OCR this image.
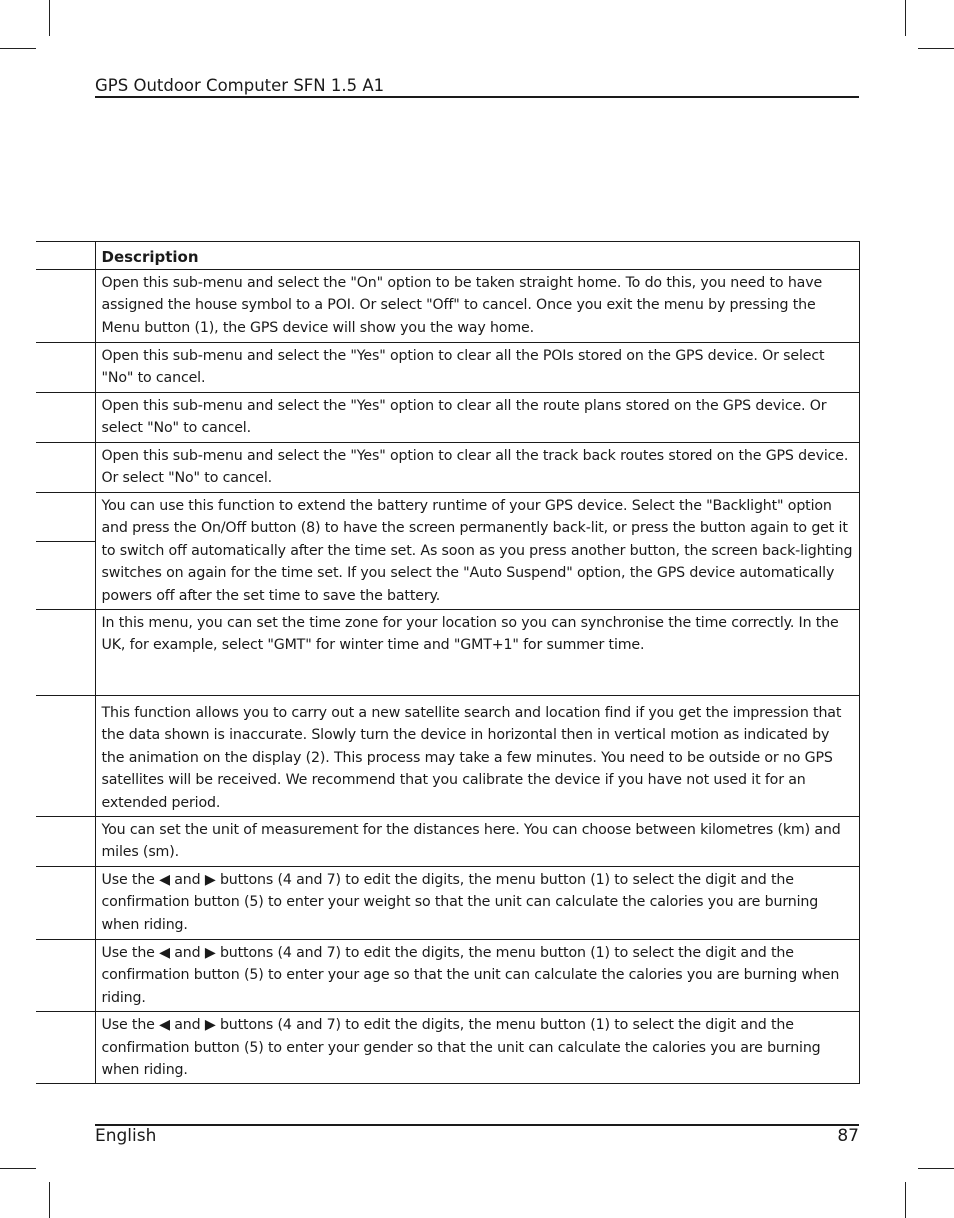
GPS Outdoor Computer SFN 1.5 A1
	Description
	Open this sub-menu and select the "On" option to be taken straight home. To do this, you need to have assigned the house symbol to a POI. Or select "Off" to cancel. Once you exit the menu by pressing the Menu button (1), the GPS device will show you the way home.
	Open this sub-menu and select the "Yes" option to clear all the POIs stored on the GPS device. Or select "No" to cancel.
	Open this sub-menu and select the "Yes" option to clear all the route plans stored on the GPS device. Or select "No" to cancel.
	Open this sub-menu and select the "Yes" option to clear all the track back routes stored on the GPS device. Or select "No" to cancel.

	You can use this function to extend the battery runtime of your GPS device. Select the "Backlight" option and press the On/Off button (8) to have the screen permanently back-lit, or press the button again to get it to switch off automatically after the time set. As soon as you press another button, the screen back-lighting switches on again for the time set. If you select the "Auto Suspend" option, the GPS device automatically powers off after the set time to save the battery.
	In this menu, you can set the time zone for your location so you can synchronise the time correctly. In the UK, for example, select "GMT" for winter time and "GMT+1" for summer time.
	This function allows you to carry out a new satellite search and location find if you get the impression that the data shown is inaccurate. Slowly turn the device in horizontal then in vertical motion as indicated by the animation on the display (2). This process may take a few minutes. You need to be outside or no GPS satellites will be received. We recommend that you calibrate the device if you have not used it for an extended period.
	You can set the unit of measurement for the distances here. You can choose between kilometres (km) and miles (sm).
	Use the ◀ and ▶ buttons (4 and 7) to edit the digits, the menu button (1) to select the digit and the confirmation button (5) to enter your weight so that the unit can calculate the calories you are burning when riding.
	Use the ◀ and ▶ buttons (4 and 7) to edit the digits, the menu button (1) to select the digit and the confirmation button (5) to enter your age so that the unit can calculate the calories you are burning when riding.
	Use the ◀ and ▶ buttons (4 and 7) to edit the digits, the menu button (1) to select the digit and the confirmation button (5) to enter your gender so that the unit can calculate the calories you are burning when riding.
English	87
